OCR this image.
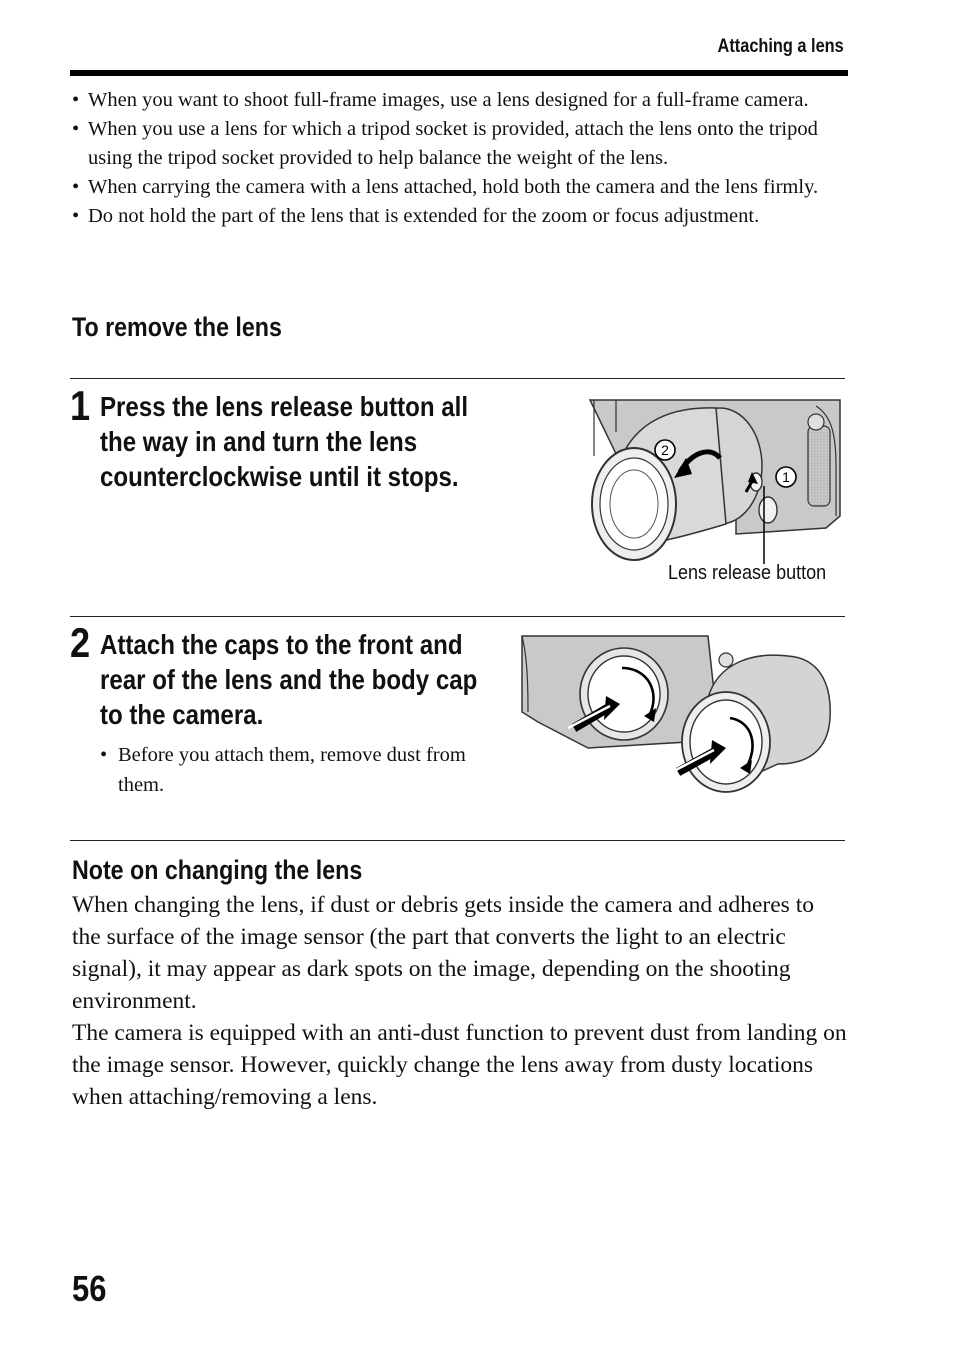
Attaching a lens
• When you want to shoot full-frame images, use a lens designed for a full-frame camera.
• When you use a lens for which a tripod socket is provided, attach the lens onto the tripod using the tripod socket provided to help balance the weight of the lens.
• When carrying the camera with a lens attached, hold both the camera and the lens firmly.
• Do not hold the part of the lens that is extended for the zoom or focus adjustment.
To remove the lens
1 Press the lens release button all the way in and turn the lens counterclockwise until it stops.

2
1
Lens release button
2 Attach the caps to the front and rear of the lens and the body cap to the camera.

• Before you attach them, remove dust from them.
Note on changing the lens

When changing the lens, if dust or debris gets inside the camera and adheres to the surface of the image sensor (the part that converts the light to an electric signal), it may appear as dark spots on the image, depending on the shooting environment.

The camera is equipped with an anti-dust function to prevent dust from landing on the image sensor. However, quickly change the lens away from dusty locations when attaching/removing a lens.

56
